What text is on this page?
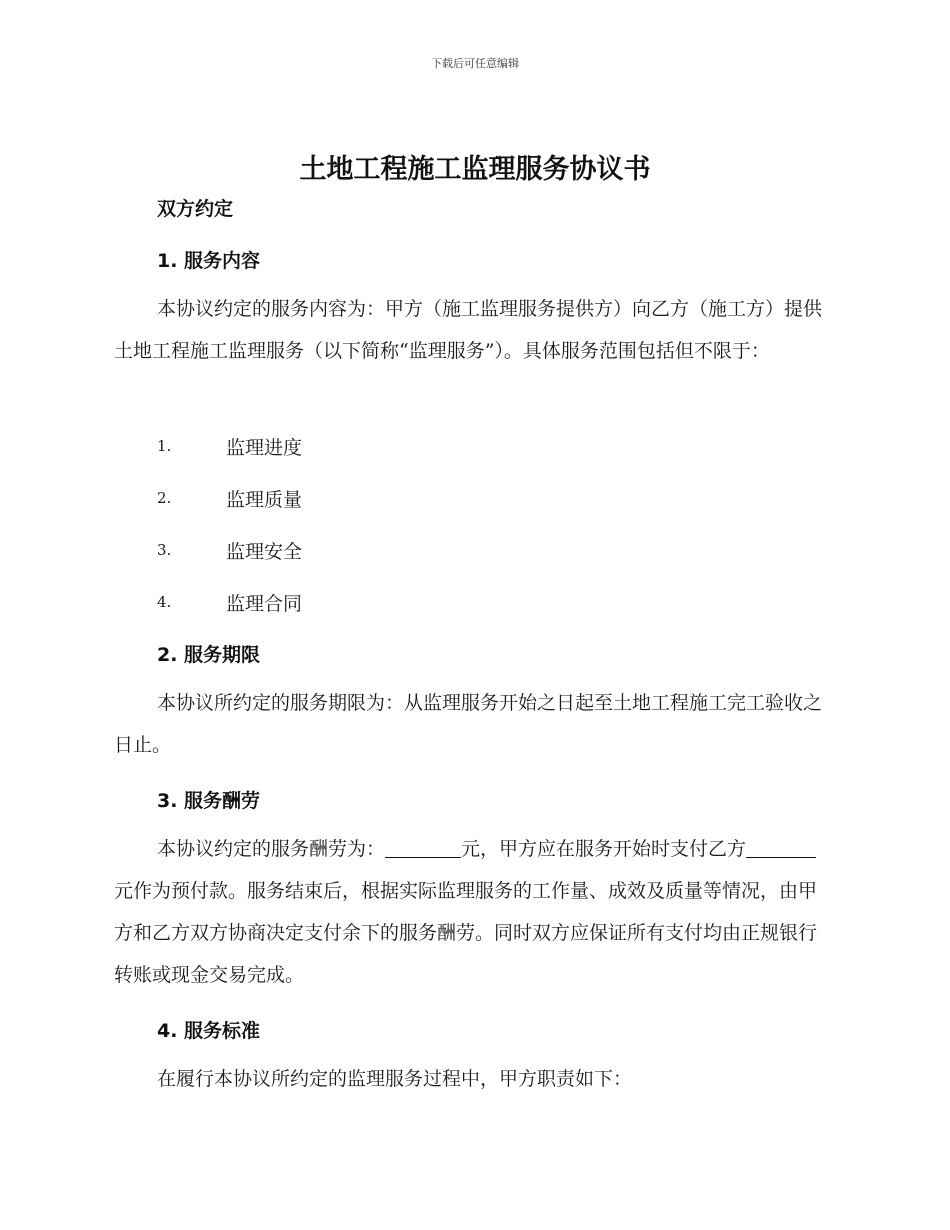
下载后可任意编辑
土地工程施工监理服务协议书
双方约定
1. 服务内容

本协议约定的服务内容为：甲方（施工监理服务提供方）向乙方（施工方）提供土地工程施工监理服务（以下简称“监理服务”）。具体服务范围包括但不限于：

1.	监理进度
2.	监理质量
3.	监理安全
4.	监理合同
2. 服务期限

本协议所约定的服务期限为：从监理服务开始之日起至土地工程施工完工验收之日止。

3. 服务酬劳

本协议约定的服务酬劳为：	元，甲方应在服务开始时支付乙方元作为预付款。服务结束后，根据实际监理服务的工作量、成效及质量等情况，由甲方和乙方双方协商决定支付余下的服务酬劳。同时双方应保证所有支付均由正规银行转账或现金交易完成。

4. 服务标准

在履行本协议所约定的监理服务过程中，甲方职责如下：
